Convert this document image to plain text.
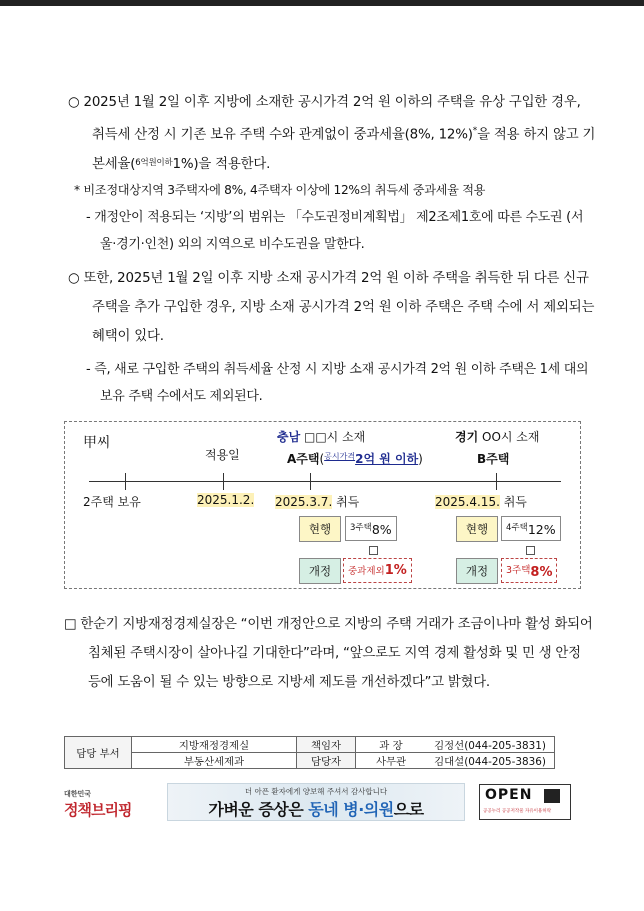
○ 2025년 1월 2일 이후 지방에 소재한 공시가격 2억 원 이하의 주택을 유상 구입한 경우, 취득세 산정 시 기존 보유 주택 수와 관계없이 중과세율(8%, 12%)*을 적용 하지 않고 기본세율($^{6억원이하}$1%)을 적용한다.
* 비조정대상지역 3주택자에 8%, 4주택자 이상에 12%의 취득세 중과세율 적용
- 개정안이 적용되는 ‘지방’의 범위는 「수도권정비계획법」 제2조제1호에 따른 수도권 (서울·경기·인천) 외의 지역으로 비수도권을 말한다.
○ 또한, 2025년 1월 2일 이후 지방 소재 공시가격 2억 원 이하 주택을 취득한 뒤 다른 신규 주택을 추가 구입한 경우, 지방 소재 공시가격 2억 원 이하 주택은 주택 수에 서 제외되는 혜택이 있다.
- 즉, 새로 구입한 주택의 취득세율 산정 시 지방 소재 공시가격 2억 원 이하 주택은 1세 대의 보유 주택 수에서도 제외된다.
甲씨
적용일
충남 □□시 소재
A주택($^{공시가격}$2억 원 이하)
경기 OO시 소재
B주택
2주택 보유	2025.1.2. 2025.3.7. 취득	2025.4.15. 취득
현행	$^{3주택}$8%
개정	중과제외1%
현행	$^{4주택}$12%
개정	3주택8%
□ 한순기 지방재정경제실장은 “이번 개정안으로 지방의 주택 거래가 조금이나마 활성 화되어 침체된 주택시장이 살아나길 기대한다”라며, “앞으로도 지역 경제 활성화 및 민 생 안정 등에 도움이 될 수 있는 방향으로 지방세 제도를 개선하겠다”고 밝혔다.
담당 부서	지방재정경제실	책임자	과 장	김정선(044-205-3831)
	부동산세제과	담당자	사무관	김대설(044-205-3836)
대한민국
정책브리핑
더 아픈 환자에게 양보해 주셔서 감사합니다
가벼운 증상은 동네 병·의원으로
OPEN
공공누리 공공저작물 자유이용허락
